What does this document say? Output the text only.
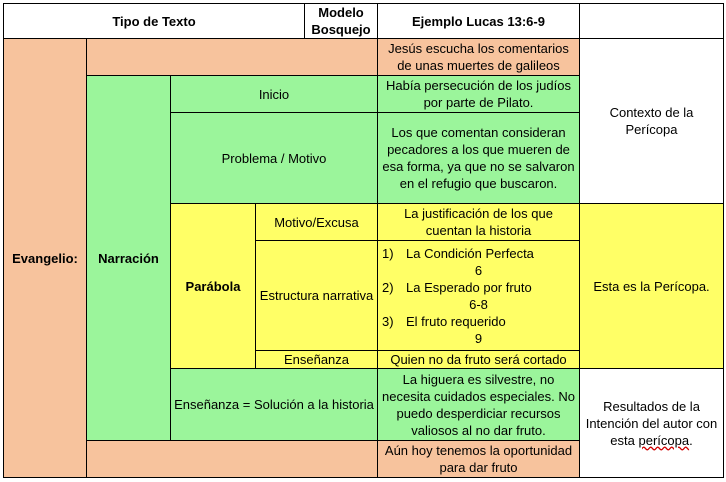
Tipo de Texto
Modelo Bosquejo
Ejemplo Lucas 13:6-9
Evangelio:
Jesús escucha los comentarios de unas muertes de galileos
Narración
Inicio
Había persecución de los judíos por parte de Pilato.
Problema / Motivo
Los que comentan consideran pecadores a los que mueren de esa forma, ya que no se salvaron en el refugio que buscaron.
Contexto de la Perícopa
Parábola
Motivo/Excusa
La justificación de los que cuentan la historia
Estructura narrativa
1) La Condición Perfecta
6
2) La Esperado por fruto
6-8
3) El fruto requerido
9
Enseñanza	Quien no da fruto será cortado
Esta es la Perícopa.
Enseñanza = Solución a la historia
La higuera es silvestre, no necesita cuidados especiales. No puedo desperdiciar recursos valiosos al no dar fruto.
Aún hoy tenemos la oportunidad para dar fruto
Resultados de la Intención del autor con esta perícopa.
